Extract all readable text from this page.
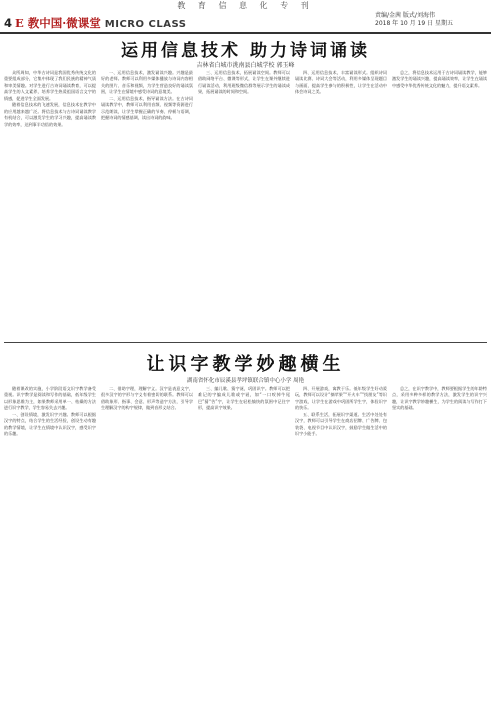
教 育 信 息 化 专 刊
4 E 教中国·微课堂 MICRO CLASS
责编/金茜 版式/刘海伟
2018 年 10 月 19 日 星期五
运用信息技术 助力诗词诵读
吉林省白城市洮南县白城学校 郭玉峰

众所周知，中华古诗词是我国优秀传统文化的重要组成部分，它集中体现了我们民族的精神气质和审美情趣。对学生进行古诗词诵读教育，可以提高学生的人文素养，培养学生热爱祖国语言文字的情感，促进学生全面发展。

随着信息技术的飞速发展，信息技术在教学中的应用越来越广泛。将信息技术与古诗词诵读教学有机结合，可以激发学生的学习兴趣，提高诵读教学的效率，达到事半功倍的效果。

一、运用信息技术，激发诵读兴趣。兴趣是最好的老师。教师可以利用多媒体播放与诗词内容相关的图片、音乐和视频，为学生营造良好的诵读氛围，让学生在情境中感受诗词的意境美。

二、运用信息技术，指导诵读方法。在古诗词诵读教学中，教师可以利用音频、视频等资源进行示范朗读，让学生掌握正确的节奏、停顿与语调，把握诗词的情感基调，读出诗词的韵味。

三、运用信息技术，拓展诵读空间。教师可以借助网络平台、微课等形式，让学生在课外继续进行诵读活动，利用班级微信群等展示学生的诵读成果，拓展诵读的时间和空间。

四、运用信息技术，丰富诵读形式。组织诗词诵读比赛、诗词大会等活动，利用多媒体呈现题目与画面，提高学生参与的积极性，让学生在活动中体会诗词之美。

总之，将信息技术运用于古诗词诵读教学，能够激发学生的诵读兴趣，提高诵读效率，让学生在诵读中感受中华优秀传统文化的魅力，提升语文素养。

让识字教学妙趣横生
湖南省怀化市辰溪县孝坪镇联合镇中心小学 周艳

随着课改的实施，小学阶段语文识字教学备受重视。识字教学是阅读和写作的基础，低年级学生以形象思维为主，如果教师采用单一、枯燥的方法进行识字教学，学生容易失去兴趣。

一、创设情境，激发识字兴趣。教师可以根据汉字的特点，结合学生的生活经验，创设生动有趣的教学情境，让学生在情境中认识汉字，感受识字的乐趣。

二、借助字理，理解字义。汉字是表意文字，很多汉字的字形与字义有着密切的联系。教师可以借助象形、指事、会意、形声等造字方法，引导学生理解汉字的构字规律，做到音形义结合。

三、编儿歌、猜字谜，巩固识字。教师可以把难记的字编成儿歌或字谜，如“一口咬掉牛尾巴”猜“告”字，让学生在轻松愉快的氛围中记住字形，提高识字效果。

四、开展游戏，寓教于乐。低年级学生好动爱玩，教师可以设计“摘苹果”“开火车”“找朋友”等识字游戏，让学生在游戏中巩固所学生字，体验识字的快乐。

五、联系生活，拓展识字渠道。生活中处处有汉字，教师可以引导学生在商店招牌、广告牌、包装袋、电视节目中认识汉字，鼓励学生做生活中的识字小能手。

总之，在识字教学中，教师要根据学生的年龄特点，采用多种多样的教学方法，激发学生的识字兴趣，让识字教学妙趣横生，为学生的阅读与写作打下坚实的基础。
